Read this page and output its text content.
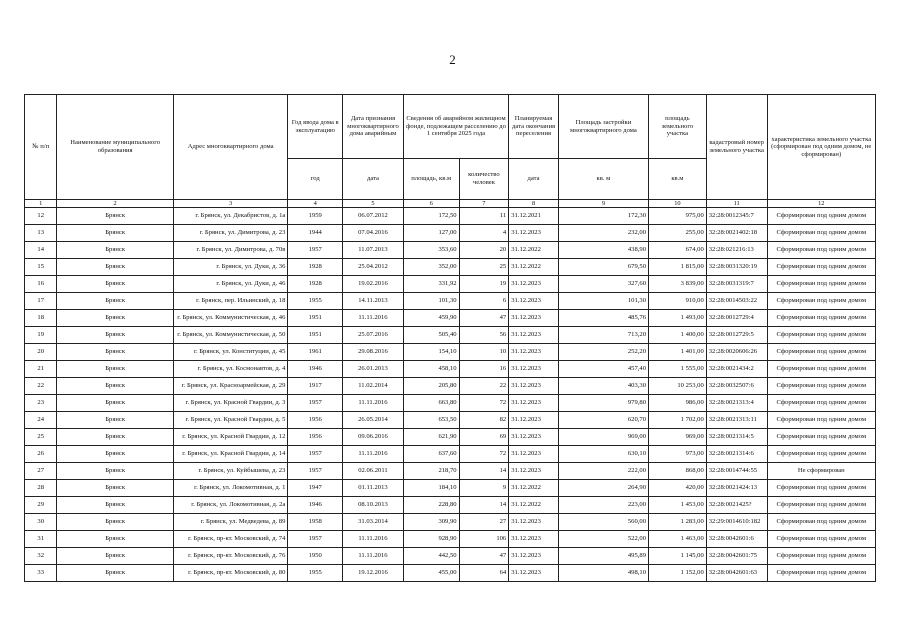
2
№ п/п	Наименование муниципального образования	Адрес многоквартирного дома	Год ввода дома в эксплуатацию	Дата признания многоквартирного дома аварийным	Сведения об аварийном жилищном фонде, подлежащем расселению до 1 сентября 2025 года		Планируемая дата окончания переселения	Площадь застройки многоквартирного дома	площадь земельного участка	кадастровый номер земельного участка	характеристика земельного участка (сформирован под одним домом, не сформирован)
			год	дата	площадь, кв.м	количество человек	дата	кв. м	кв.м		
1	2	3	4	5	6	7	8	9	10	11	12
12	Брянск	г. Брянск, ул. Декабристов, д. 1а	1959	06.07.2012	172,50	11	31.12.2021	172,30	975,00	32:28:0012345:7	Сформирован под одним домом
13	Брянск	г. Брянск, ул. Димитрова, д. 23	1944	07.04.2016	127,00	4	31.12.2023	232,00	255,00	32:28:0021402:18	Сформирован под одним домом
14	Брянск	г. Брянск, ул. Димитрова, д. 70в	1957	11.07.2013	353,60	20	31.12.2022	438,90	674,00	32:28:021216:13	Сформирован под одним домом
15	Брянск	г. Брянск, ул. Дуки, д. 36	1928	25.04.2012	352,00	25	31.12.2022	679,50	1 815,00	32:28:0031320:19	Сформирован под одним домом
16	Брянск	г. Брянск, ул. Дуки, д. 46	1928	19.02.2016	331,92	19	31.12.2023	327,60	3 839,00	32:28:0031319:7	Сформирован под одним домом
17	Брянск	г. Брянск, пер. Ильинский, д. 18	1955	14.11.2013	101,30	6	31.12.2023	101,30	910,00	32:28:0014503:22	Сформирован под одним домом
18	Брянск	г. Брянск, ул. Коммунистическая, д. 46	1951	11.11.2016	459,90	47	31.12.2023	485,76	1 493,00	32:28:0012729:4	Сформирован под одним домом
19	Брянск	г. Брянск, ул. Коммунистическая, д. 50	1951	25.07.2016	505,40	56	31.12.2023	713,20	1 400,00	32:28:0012729:5	Сформирован под одним домом
20	Брянск	г. Брянск, ул. Конституции, д. 45	1961	29.08.2016	154,10	10	31.12.2023	252,20	1 401,00	32:28:0020606:26	Сформирован под одним домом
21	Брянск	г. Брянск, ул. Космонавтов, д. 4	1946	26.01.2013	458,10	16	31.12.2023	457,40	1 555,00	32:28:0021434:2	Сформирован под одним домом
22	Брянск	г. Брянск, ул. Красноармейская, д. 29	1917	11.02.2014	205,80	22	31.12.2023	403,30	10 253,00	32:28:0032507:6	Сформирован под одним домом
23	Брянск	г. Брянск, ул. Красной Гвардии, д. 3	1957	11.11.2016	663,80	72	31.12.2023	979,80	986,00	32:28:0021313:4	Сформирован под одним домом
24	Брянск	г. Брянск, ул. Красной Гвардии, д. 5	1956	26.05.2014	653,50	82	31.12.2023	620,70	1 702,00	32:28:0021313:11	Сформирован под одним домом
25	Брянск	г. Брянск, ул. Красной Гвардии, д. 12	1956	09.06.2016	621,90	69	31.12.2023	969,00	969,00	32:28:0021314:5	Сформирован под одним домом
26	Брянск	г. Брянск, ул. Красной Гвардии, д. 14	1957	11.11.2016	637,60	72	31.12.2023	630,10	973,00	32:28:0021314:6	Сформирован под одним домом
27	Брянск	г. Брянск, ул. Куйбышева, д. 23	1957	02.06.2011	218,70	14	31.12.2023	222,00	868,00	32:28:0014744:55	Не сформирован
28	Брянск	г. Брянск, ул. Локомотивная, д. 1	1947	01.11.2013	184,10	9	31.12.2022	264,90	420,00	32:28:0021424:13	Сформирован под одним домом
29	Брянск	г. Брянск, ул. Локомотивная, д. 2а	1946	08.10.2013	228,80	14	31.12.2022	223,00	1 453,00	32:28:0021425?	Сформирован под одним домом
30	Брянск	г. Брянск, ул. Медведева, д. 89	1958	31.03.2014	309,90	27	31.12.2023	560,00	1 283,00	32:29:0014610:182	Сформирован под одним домом
31	Брянск	г. Брянск, пр-кт. Московский, д. 74	1957	11.11.2016	928,90	106	31.12.2023	522,00	1 463,00	32:28:0042601:6	Сформирован под одним домом
32	Брянск	г. Брянск, пр-кт. Московский, д. 76	1950	11.11.2016	442,50	47	31.12.2023	495,89	1 145,00	32:28:0042601:75	Сформирован под одним домом
33	Брянск	г. Брянск, пр-кт. Московский, д. 80	1955	19.12.2016	455,00	64	31.12.2023	498,10	1 152,00	32:28:0042601:63	Сформирован под одним домом
